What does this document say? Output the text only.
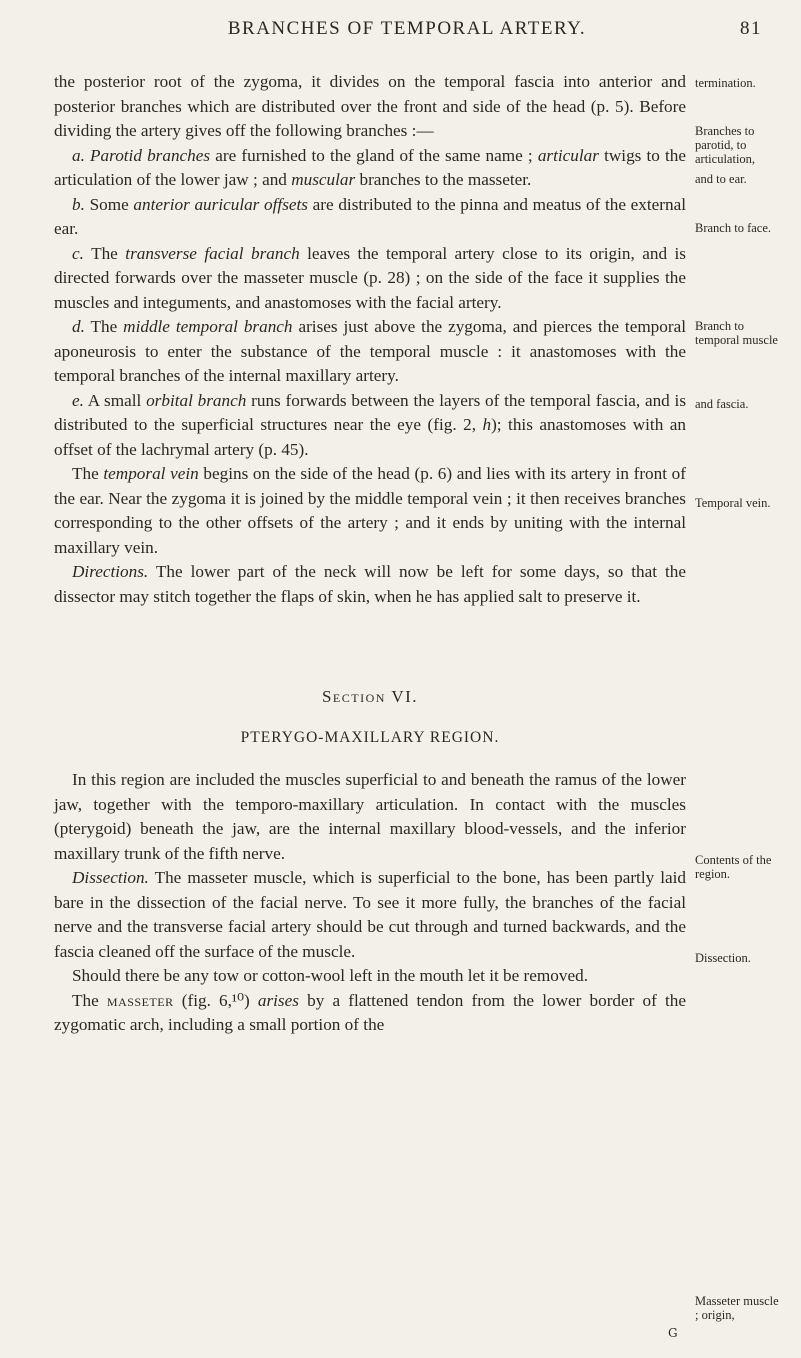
BRANCHES OF TEMPORAL ARTERY.	81

the posterior root of the zygoma, it divides on the temporal fascia into anterior and posterior branches which are distributed over the front and side of the head (p. 5). Before dividing the artery gives off the following branches :—

a. Parotid branches are furnished to the gland of the same name ; articular twigs to the articulation of the lower jaw ; and muscular branches to the masseter.

b. Some anterior auricular offsets are distributed to the pinna and meatus of the external ear.

c. The transverse facial branch leaves the temporal artery close to its origin, and is directed forwards over the masseter muscle (p. 28) ; on the side of the face it supplies the muscles and integuments, and anastomoses with the facial artery.

d. The middle temporal branch arises just above the zygoma, and pierces the temporal aponeurosis to enter the substance of the temporal muscle : it anastomoses with the temporal branches of the internal maxillary artery.

e. A small orbital branch runs forwards between the layers of the temporal fascia, and is distributed to the superficial structures near the eye (fig. 2, h); this anastomoses with an offset of the lachrymal artery (p. 45).

The temporal vein begins on the side of the head (p. 6) and lies with its artery in front of the ear. Near the zygoma it is joined by the middle temporal vein ; it then receives branches corresponding to the other offsets of the artery ; and it ends by uniting with the internal maxillary vein.

Directions. The lower part of the neck will now be left for some days, so that the dissector may stitch together the flaps of skin, when he has applied salt to preserve it.

Section VI.

PTERYGO-MAXILLARY REGION.

In this region are included the muscles superficial to and beneath the ramus of the lower jaw, together with the temporo-maxillary articulation. In contact with the muscles (pterygoid) beneath the jaw, are the internal maxillary blood-vessels, and the inferior maxillary trunk of the fifth nerve.

Dissection. The masseter muscle, which is superficial to the bone, has been partly laid bare in the dissection of the facial nerve. To see it more fully, the branches of the facial nerve and the transverse facial artery should be cut through and turned backwards, and the fascia cleaned off the surface of the muscle.

Should there be any tow or cotton-wool left in the mouth let it be removed.

The masseter (fig. 6,¹⁰) arises by a flattened tendon from the lower border of the zygomatic arch, including a small portion of the

termination.
Branches to parotid, to articulation,
and to ear.
Branch to face.
Branch to temporal muscle
and fascia.
Temporal vein.
Contents of the region.
Dissection.
Masseter muscle ; origin,
G
